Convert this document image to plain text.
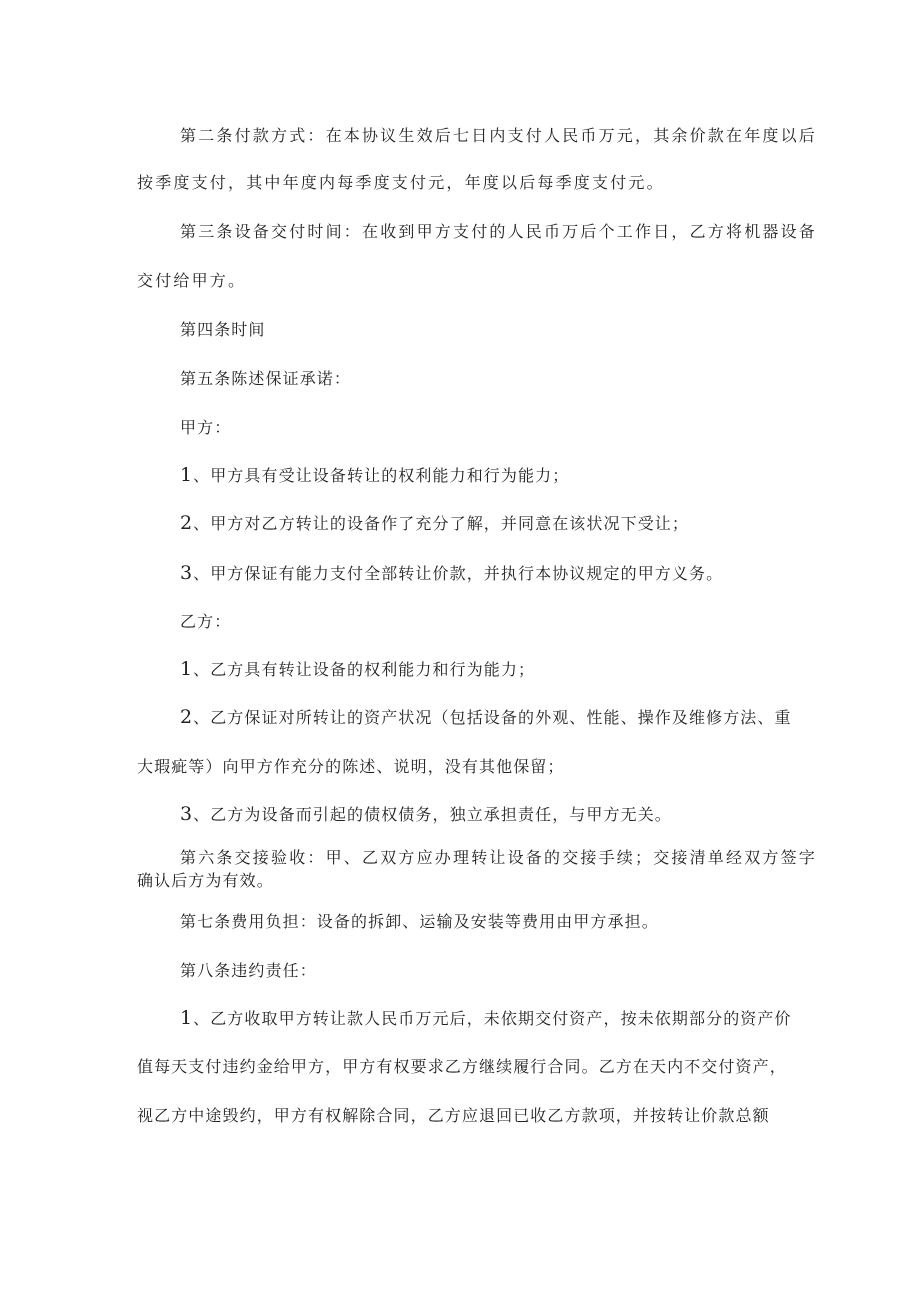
第二条付款方式：在本协议生效后七日内支付人民币万元，其余价款在年度以后

按季度支付，其中年度内每季度支付元，年度以后每季度支付元。

第三条设备交付时间：在收到甲方支付的人民币万后个工作日，乙方将机器设备

交付给甲方。

第四条时间

第五条陈述保证承诺：

甲方：

1、甲方具有受让设备转让的权利能力和行为能力；

2、甲方对乙方转让的设备作了充分了解，并同意在该状况下受让；

3、甲方保证有能力支付全部转让价款，并执行本协议规定的甲方义务。

乙方：

1、乙方具有转让设备的权利能力和行为能力；

2、乙方保证对所转让的资产状况（包括设备的外观、性能、操作及维修方法、重

大瑕疵等）向甲方作充分的陈述、说明，没有其他保留；

3、乙方为设备而引起的债权债务，独立承担责任，与甲方无关。

第六条交接验收：甲、乙双方应办理转让设备的交接手续；交接清单经双方签字

确认后方为有效。

第七条费用负担：设备的拆卸、运输及安装等费用由甲方承担。

第八条违约责任：

1、乙方收取甲方转让款人民币万元后，未依期交付资产，按未依期部分的资产价

值每天支付违约金给甲方，甲方有权要求乙方继续履行合同。乙方在天内不交付资产，

视乙方中途毁约，甲方有权解除合同，乙方应退回已收乙方款项，并按转让价款总额
